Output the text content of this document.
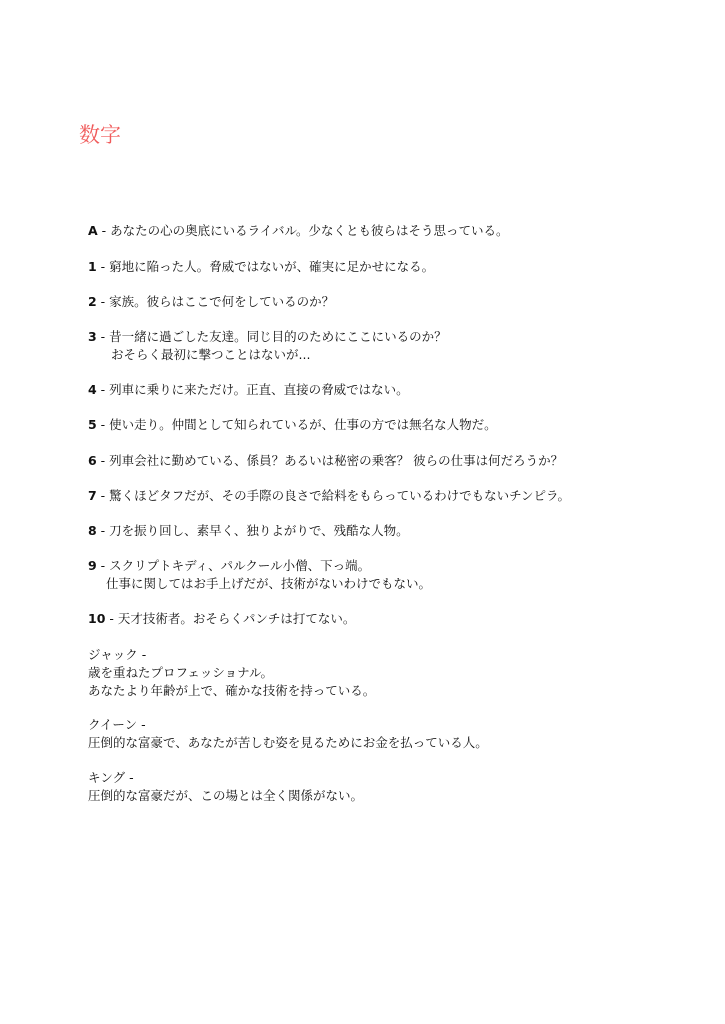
数字
A - あなたの心の奥底にいるライバル。少なくとも彼らはそう思っている。
1 - 窮地に陥った人。脅威ではないが、確実に足かせになる。
2 - 家族。彼らはここで何をしているのか？
3 - 昔一緒に過ごした友達。同じ目的のためにここにいるのか？
おそらく最初に撃つことはないが...
4 - 列車に乗りに来ただけ。正直、直接の脅威ではない。
5 - 使い走り。仲間として知られているが、仕事の方では無名な人物だ。
6 - 列車会社に勤めている、係員？あるいは秘密の乗客？ 彼らの仕事は何だろうか？
7 - 驚くほどタフだが、その手際の良さで給料をもらっているわけでもないチンピラ。
8 - 刀を振り回し、素早く、独りよがりで、残酷な人物。
9 - スクリプトキディ、パルクール小僧、下っ端。
仕事に関してはお手上げだが、技術がないわけでもない。
10 - 天才技術者。おそらくパンチは打てない。
ジャック -
歳を重ねたプロフェッショナル。
あなたより年齢が上で、確かな技術を持っている。
クイーン -
圧倒的な富豪で、あなたが苦しむ姿を見るためにお金を払っている人。
キング -
圧倒的な富豪だが、この場とは全く関係がない。
